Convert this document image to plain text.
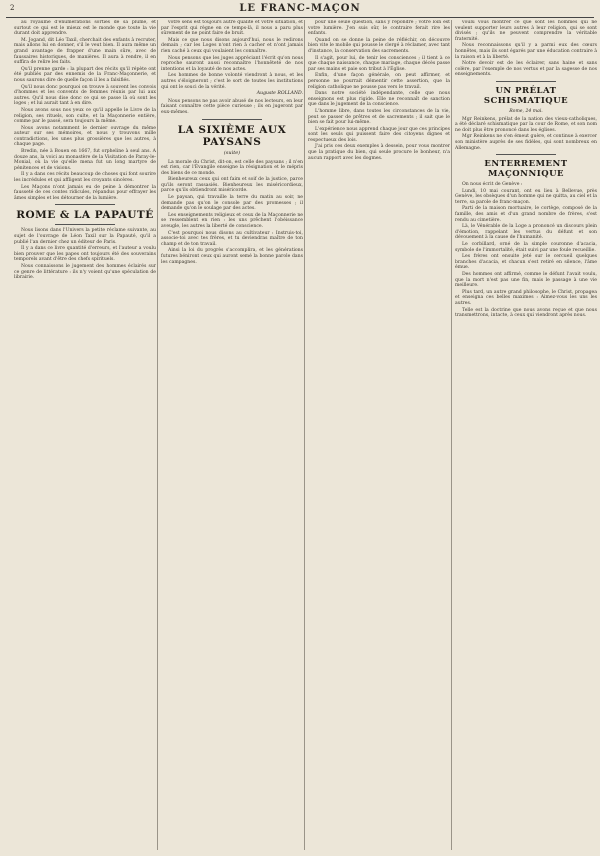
2	LE FRANC-MAÇON

au royaume d'énumérations sorties de sa plume, et surtout ce qui est le mieux est le monde que toute la vie durant doit apprendre.

M. Jogand, dit Léo Taxil, cherchait des enfants à recruter, mais allons lui en donner, s'il le veut bien. Il aura même un grand avantage de frapper d'une main sûre, avec de faussaires historiques, de manières. Il aura à rendre, il en suffira de relire les faits.

Qu'il prenne garde : la plupart des récits qu'il répète ont été publiés par des ennemis de la Franc-Maçonnerie, et nous saurons dire de quelle façon il les a falsifiés.

Qu'il nous donc pourquoi on trouve à souvent les convois d'hommes et les convents de femmes réunis par lui aux autres. Qu'il nous dise donc ce qui se passe là où sont les loges ; et lui aurait tant à en dire.

Nous avons sous nos yeux ce qu'il appelle le Livre de la religion, ses rituels, son culte, et la Maçonnerie entière, comme par le passé, sera toujours la même.

Nous avons notamment le dernier ouvrage du même auteur sur ses mémoires, et nous y trouvons mille contradictions, les unes plus grossières que les autres, à chaque page.

Bredin, née à Bouen en 1667, fut orpheline à seul ans. A douze ans, la voici au monastère de la Visitation de Paray-le-Monial, où la vie qu'elle mena fut un long martyre de pénitences et de visions.

Il y a dans ces récits beaucoup de choses qui font sourire les incrédules et qui affligent les croyants sincères.

Les Maçons n'ont jamais eu de peine à démontrer la fausseté de ces contes ridicules, répandus pour effrayer les âmes simples et les détourner de la lumière.

ROME & LA PAPAUTÉ

Nous lisons dans l'Univers la petite réclame suivante, au sujet de l'ouvrage de Léon Taxil sur la Papauté, qu'il a publié l'an dernier chez un éditeur de Paris.

Il y a dans ce livre quantité d'erreurs, et l'auteur a voulu bien prouver que les papes ont toujours été des souverains temporels avant d'être des chefs spirituels.

Nous connaissons le jugement des hommes éclairés sur ce genre de littérature : ils n'y voient qu'une spéculation de librairie.

votre sens est toujours autre qualité et votre situation, et par l'esprit qui règne en ce temps-là, il nous a paru plus sûrement de ne point faire de bruit.

Mais ce que nous disons aujourd'hui, nous le redirons demain ; car les Loges n'ont rien à cacher et n'ont jamais rien caché à ceux qui voulaient les connaître.

Nous pensons que les juges appréciant l'écrit qu'on nous reproche sauront aussi reconnaître l'honnêteté de nos intentions et la loyauté de nos actes.

Les hommes de bonne volonté viendront à nous, et les autres s'éloigneront ; c'est le sort de toutes les institutions qui ont le souci de la vérité.

Auguste ROLLAND.

Nous pensons ne pas avoir abusé de nos lecteurs, en leur faisant connaître cette pièce curieuse ; ils en jugeront par eux-mêmes.

LA SIXIÈME AUX PAYSANS
(suite)

La morale du Christ, dit-on, est celle des paysans ; il n'en est rien, car l'Évangile enseigne la résignation et le mépris des biens de ce monde.

Bienheureux ceux qui ont faim et soif de la justice, parce qu'ils seront rassasiés. Bienheureux les miséricordieux, parce qu'ils obtiendront miséricorde.

Le paysan, qui travaille la terre du matin au soir, ne demande pas qu'on le console par des promesses ; il demande qu'on le soulage par des actes.

Les enseignements religieux et ceux de la Maçonnerie ne se ressemblent en rien : les uns prêchent l'obéissance aveugle, les autres la liberté de conscience.

C'est pourquoi nous disons au cultivateur : Instruis-toi, associe-toi avec tes frères, et tu deviendras maître de ton champ et de ton travail.

Ainsi la loi du progrès s'accomplira, et les générations futures béniront ceux qui auront semé la bonne parole dans les campagnes.

pour une seule question, sans y répondre ; votre loin est votre lumière. J'en suis sûr, le contraire ferait rire les enfants.

Quand on se donne la peine de réfléchir, on découvre bien vite le mobile qui pousse le clergé à réclamer, avec tant d'instance, la conservation des sacrements.

Il s'agit, pour lui, de tenir les consciences ; il tient à ce que chaque naissance, chaque mariage, chaque décès passe par ses mains et paie son tribut à l'Église.

Enfin, d'une façon générale, on peut affirmer, et personne ne pourrait démentir cette assertion, que la religion catholique ne pousse pas vers le travail.

Dans notre société indépendante, celle que nous enseignons est plus rigide. Elle ne reconnaît de sanction que dans le jugement de la conscience.

L'homme libre, dans toutes les circonstances de la vie, peut se passer de prêtres et de sacrements ; il sait que le bien se fait pour lui-même.

L'expérience nous apprend chaque jour que ces principes sont les seuls qui puissent faire des citoyens dignes et respectueux des lois.

J'ai pris ces deux exemples à dessein, pour vous montrer que la pratique du bien, qui seule procure le bonheur, n'a aucun rapport avec les dogmes.

voulu vous montrer ce que sont les hommes qui ne veulent supporter leurs autres à leur religion, qui se sont divisés ; qu'ils ne peuvent comprendre la véritable fraternité.

Nous reconnaissons qu'il y a parmi eux des cœurs honnêtes, mais ils sont égarés par une éducation contraire à la raison et à la liberté.

Notre devoir est de les éclairer, sans haine et sans colère, par l'exemple de nos vertus et par la sagesse de nos enseignements.

UN PRÉLAT SCHISMATIQUE

Rome, 24 mai.

Mgr Reinkens, prélat de la nation des vieux-catholiques, a été déclaré schismatique par la cour de Rome, et son nom ne doit plus être prononcé dans les églises.

Mgr Reinkens ne s'en émeut guère, et continue à exercer son ministère auprès de ses fidèles, qui sont nombreux en Allemagne.

ENTERREMENT MAÇONNIQUE

On nous écrit de Genève :

Lundi, 10 mai courant, ont eu lieu à Bellevue, près Genève, les obsèques d'un homme qui ne quitta, au ciel et la terre, sa parole de franc-maçon.

Parti de la maison mortuaire, le cortège, composé de la famille, des amis et d'un grand nombre de frères, s'est rendu au cimetière.

Là, le Vénérable de la Loge a prononcé un discours plein d'émotion, rappelant les vertus du défunt et son dévouement à la cause de l'humanité.

Le corbillard, orné de la simple couronne d'acacia, symbole de l'immortalité, était suivi par une foule recueillie.

Les frères ont ensuite jeté sur le cercueil quelques branches d'acacia, et chacun s'est retiré en silence, l'âme émue.

Des hommes ont affirmé, comme le défunt l'avait voulu, que la mort n'est pas une fin, mais le passage à une vie meilleure.

Plus tard, un autre grand philosophe, le Christ, propagea et enseigna ces belles maximes : Aimez-vous les uns les autres.

Telle est la doctrine que nous avons reçue et que nous transmettrons, intacte, à ceux qui viendront après nous.
